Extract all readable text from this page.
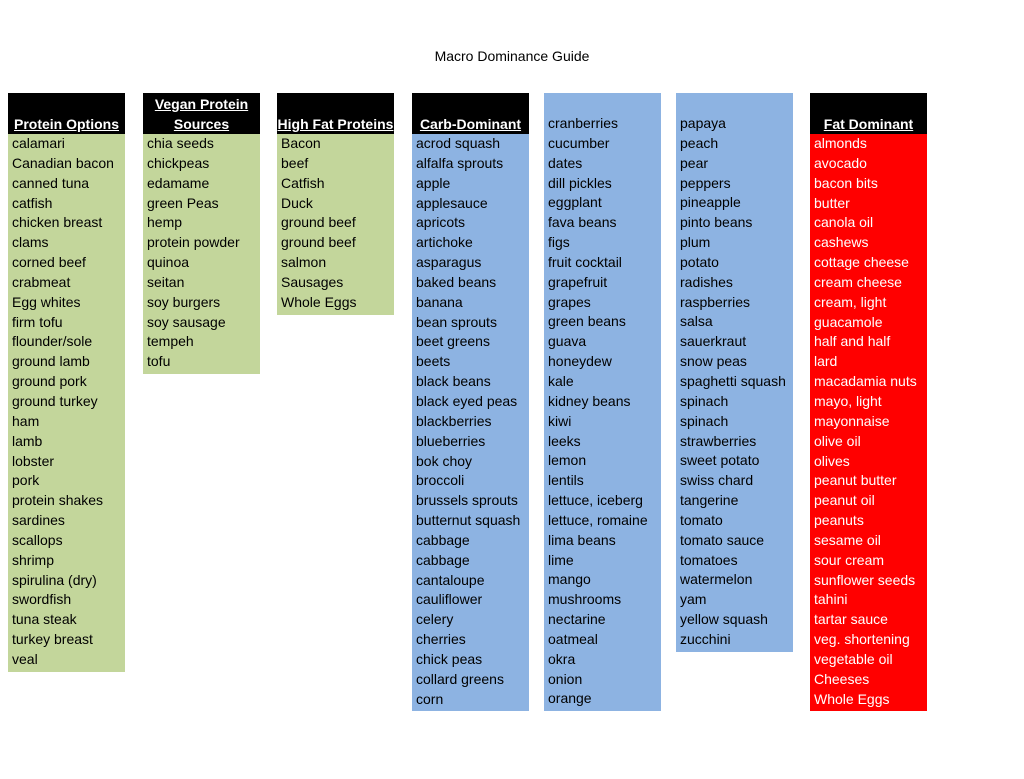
Macro Dominance Guide
Protein Options
calamari
Canadian bacon
canned tuna
catfish
chicken breast
clams
corned beef
crabmeat
Egg whites
firm tofu
flounder/sole
ground lamb
ground pork
ground turkey
ham
lamb
lobster
pork
protein shakes
sardines
scallops
shrimp
spirulina (dry)
swordfish
tuna steak
turkey breast
veal
Vegan Protein
Sources
chia seeds
chickpeas
edamame
green Peas
hemp
protein powder
quinoa
seitan
soy burgers
soy sausage
tempeh
tofu
High Fat Proteins
Bacon
beef
Catfish
Duck
ground beef
ground beef
salmon
Sausages
Whole Eggs
Carb-Dominant
acrod squash
alfalfa sprouts
apple
applesauce
apricots
artichoke
asparagus
baked beans
banana
bean sprouts
beet greens
beets
black beans
black eyed peas
blackberries
blueberries
bok choy
broccoli
brussels sprouts
butternut squash
cabbage
cabbage
cantaloupe
cauliflower
celery
cherries
chick peas
collard greens
corn
cranberries
cucumber
dates
dill pickles
eggplant
fava beans
figs
fruit cocktail
grapefruit
grapes
green beans
guava
honeydew
kale
kidney beans
kiwi
leeks
lemon
lentils
lettuce, iceberg
lettuce, romaine
lima beans
lime
mango
mushrooms
nectarine
oatmeal
okra
onion
orange
papaya
peach
pear
peppers
pineapple
pinto beans
plum
potato
radishes
raspberries
salsa
sauerkraut
snow peas
spaghetti squash
spinach
spinach
strawberries
sweet potato
swiss chard
tangerine
tomato
tomato sauce
tomatoes
watermelon
yam
yellow squash
zucchini
Fat Dominant
almonds
avocado
bacon bits
butter
canola oil
cashews
cottage cheese
cream cheese
cream, light
guacamole
half and half
lard
macadamia nuts
mayo, light
mayonnaise
olive oil
olives
peanut butter
peanut oil
peanuts
sesame oil
sour cream
sunflower seeds
tahini
tartar sauce
veg. shortening
vegetable oil
Cheeses
Whole Eggs
